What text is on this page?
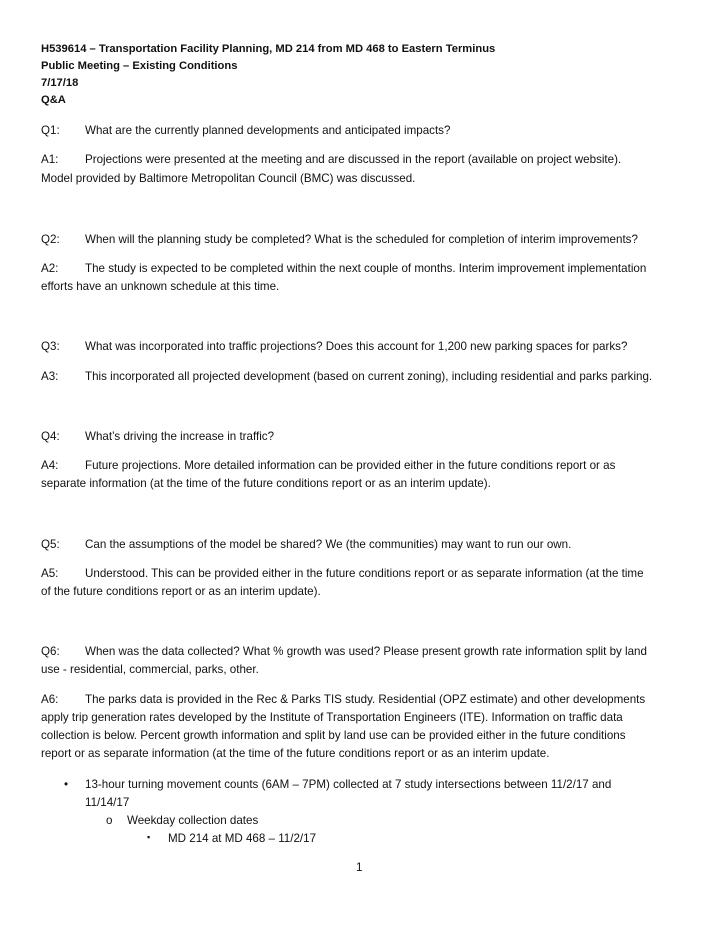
H539614 – Transportation Facility Planning, MD 214 from MD 468 to Eastern Terminus
Public Meeting – Existing Conditions
7/17/18
Q&A
Q1: What are the currently planned developments and anticipated impacts?
A1: Projections were presented at the meeting and are discussed in the report (available on project website).
Model provided by Baltimore Metropolitan Council (BMC) was discussed.
Q2: When will the planning study be completed? What is the scheduled for completion of interim improvements?
A2: The study is expected to be completed within the next couple of months. Interim improvement implementation
efforts have an unknown schedule at this time.
Q3: What was incorporated into traffic projections? Does this account for 1,200 new parking spaces for parks?
A3: This incorporated all projected development (based on current zoning), including residential and parks parking.
Q4: What’s driving the increase in traffic?
A4: Future projections. More detailed information can be provided either in the future conditions report or as
separate information (at the time of the future conditions report or as an interim update).
Q5: Can the assumptions of the model be shared? We (the communities) may want to run our own.
A5: Understood. This can be provided either in the future conditions report or as separate information (at the time
of the future conditions report or as an interim update).
Q6: When was the data collected? What % growth was used? Please present growth rate information split by land
use - residential, commercial, parks, other.
A6: The parks data is provided in the Rec & Parks TIS study. Residential (OPZ estimate) and other developments
apply trip generation rates developed by the Institute of Transportation Engineers (ITE). Information on traffic data
collection is below. Percent growth information and split by land use can be provided either in the future conditions
report or as separate information (at the time of the future conditions report or as an interim update.
• 13-hour turning movement counts (6AM – 7PM) collected at 7 study intersections between 11/2/17 and
11/14/17
o Weekday collection dates
▪ MD 214 at MD 468 – 11/2/17
1
